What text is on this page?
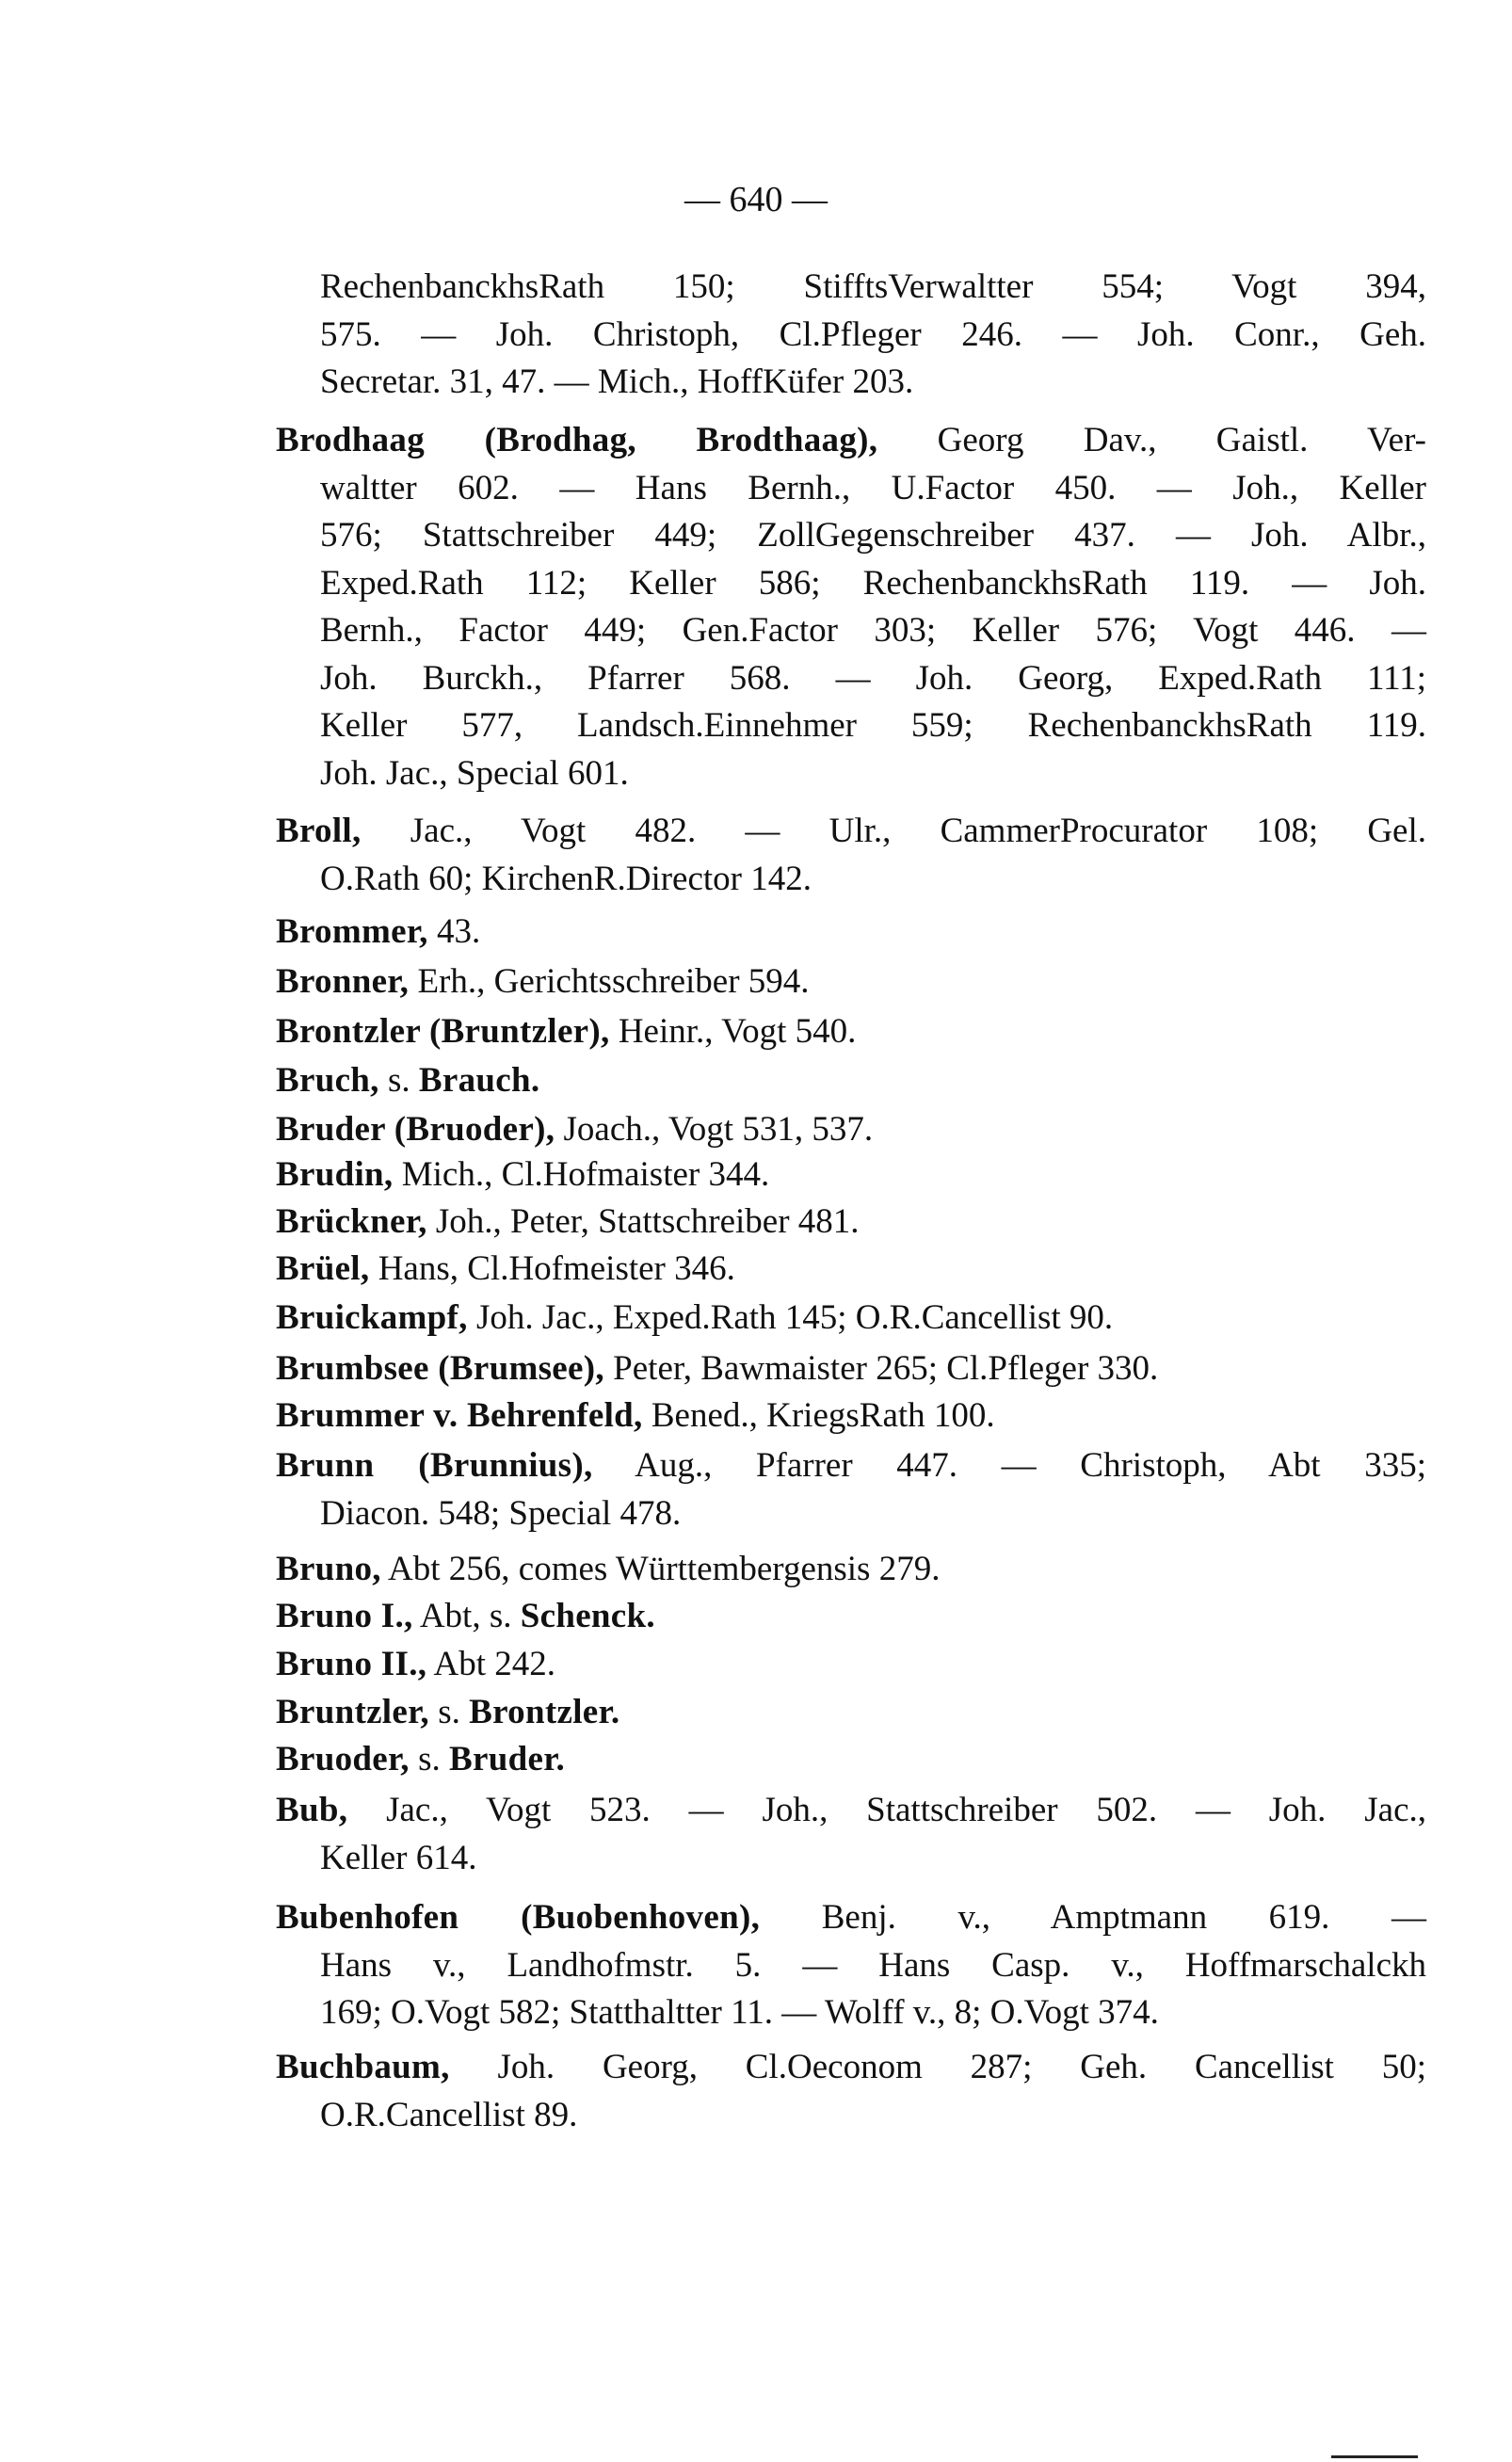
— 640 —
RechenbanckhsRath 150; StifftsVerwaltter 554; Vogt 394,
575. — Joh. Christoph, Cl.Pfleger 246. — Joh. Conr., Geh.
Secretar. 31, 47. — Mich., HoffKüfer 203.
Brodhaag (Brodhag, Brodthaag), Georg Dav., Gaistl. Ver-
waltter 602. — Hans Bernh., U.Factor 450. — Joh., Keller
576; Stattschreiber 449; ZollGegenschreiber 437. — Joh. Albr.,
Exped.Rath 112; Keller 586; RechenbanckhsRath 119. — Joh.
Bernh., Factor 449; Gen.Factor 303; Keller 576; Vogt 446. —
Joh. Burckh., Pfarrer 568. — Joh. Georg, Exped.Rath 111;
Keller 577, Landsch.Einnehmer 559; RechenbanckhsRath 119.
Joh. Jac., Special 601.
Broll, Jac., Vogt 482. — Ulr., CammerProcurator 108; Gel.
O.Rath 60; KirchenR.Director 142.
Brommer, 43.
Bronner, Erh., Gerichtsschreiber 594.
Brontzler (Bruntzler), Heinr., Vogt 540.
Bruch, s. Brauch.
Bruder (Bruoder), Joach., Vogt 531, 537.
Brudin, Mich., Cl.Hofmaister 344.
Brückner, Joh., Peter, Stattschreiber 481.
Brüel, Hans, Cl.Hofmeister 346.
Bruickampf, Joh. Jac., Exped.Rath 145; O.R.Cancellist 90.
Brumbsee (Brumsee), Peter, Bawmaister 265; Cl.Pfleger 330.
Brummer v. Behrenfeld, Bened., KriegsRath 100.
Brunn (Brunnius), Aug., Pfarrer 447. — Christoph, Abt 335;
Diacon. 548; Special 478.
Bruno, Abt 256, comes Württembergensis 279.
Bruno I., Abt, s. Schenck.
Bruno II., Abt 242.
Bruntzler, s. Brontzler.
Bruoder, s. Bruder.
Bub, Jac., Vogt 523. — Joh., Stattschreiber 502. — Joh. Jac.,
Keller 614.
Bubenhofen (Buobenhoven), Benj. v., Amptmann 619. —
Hans v., Landhofmstr. 5. — Hans Casp. v., Hoffmarschalckh
169; O.Vogt 582; Statthaltter 11. — Wolff v., 8; O.Vogt 374.
Buchbaum, Joh. Georg, Cl.Oeconom 287; Geh. Cancellist 50;
O.R.Cancellist 89.
